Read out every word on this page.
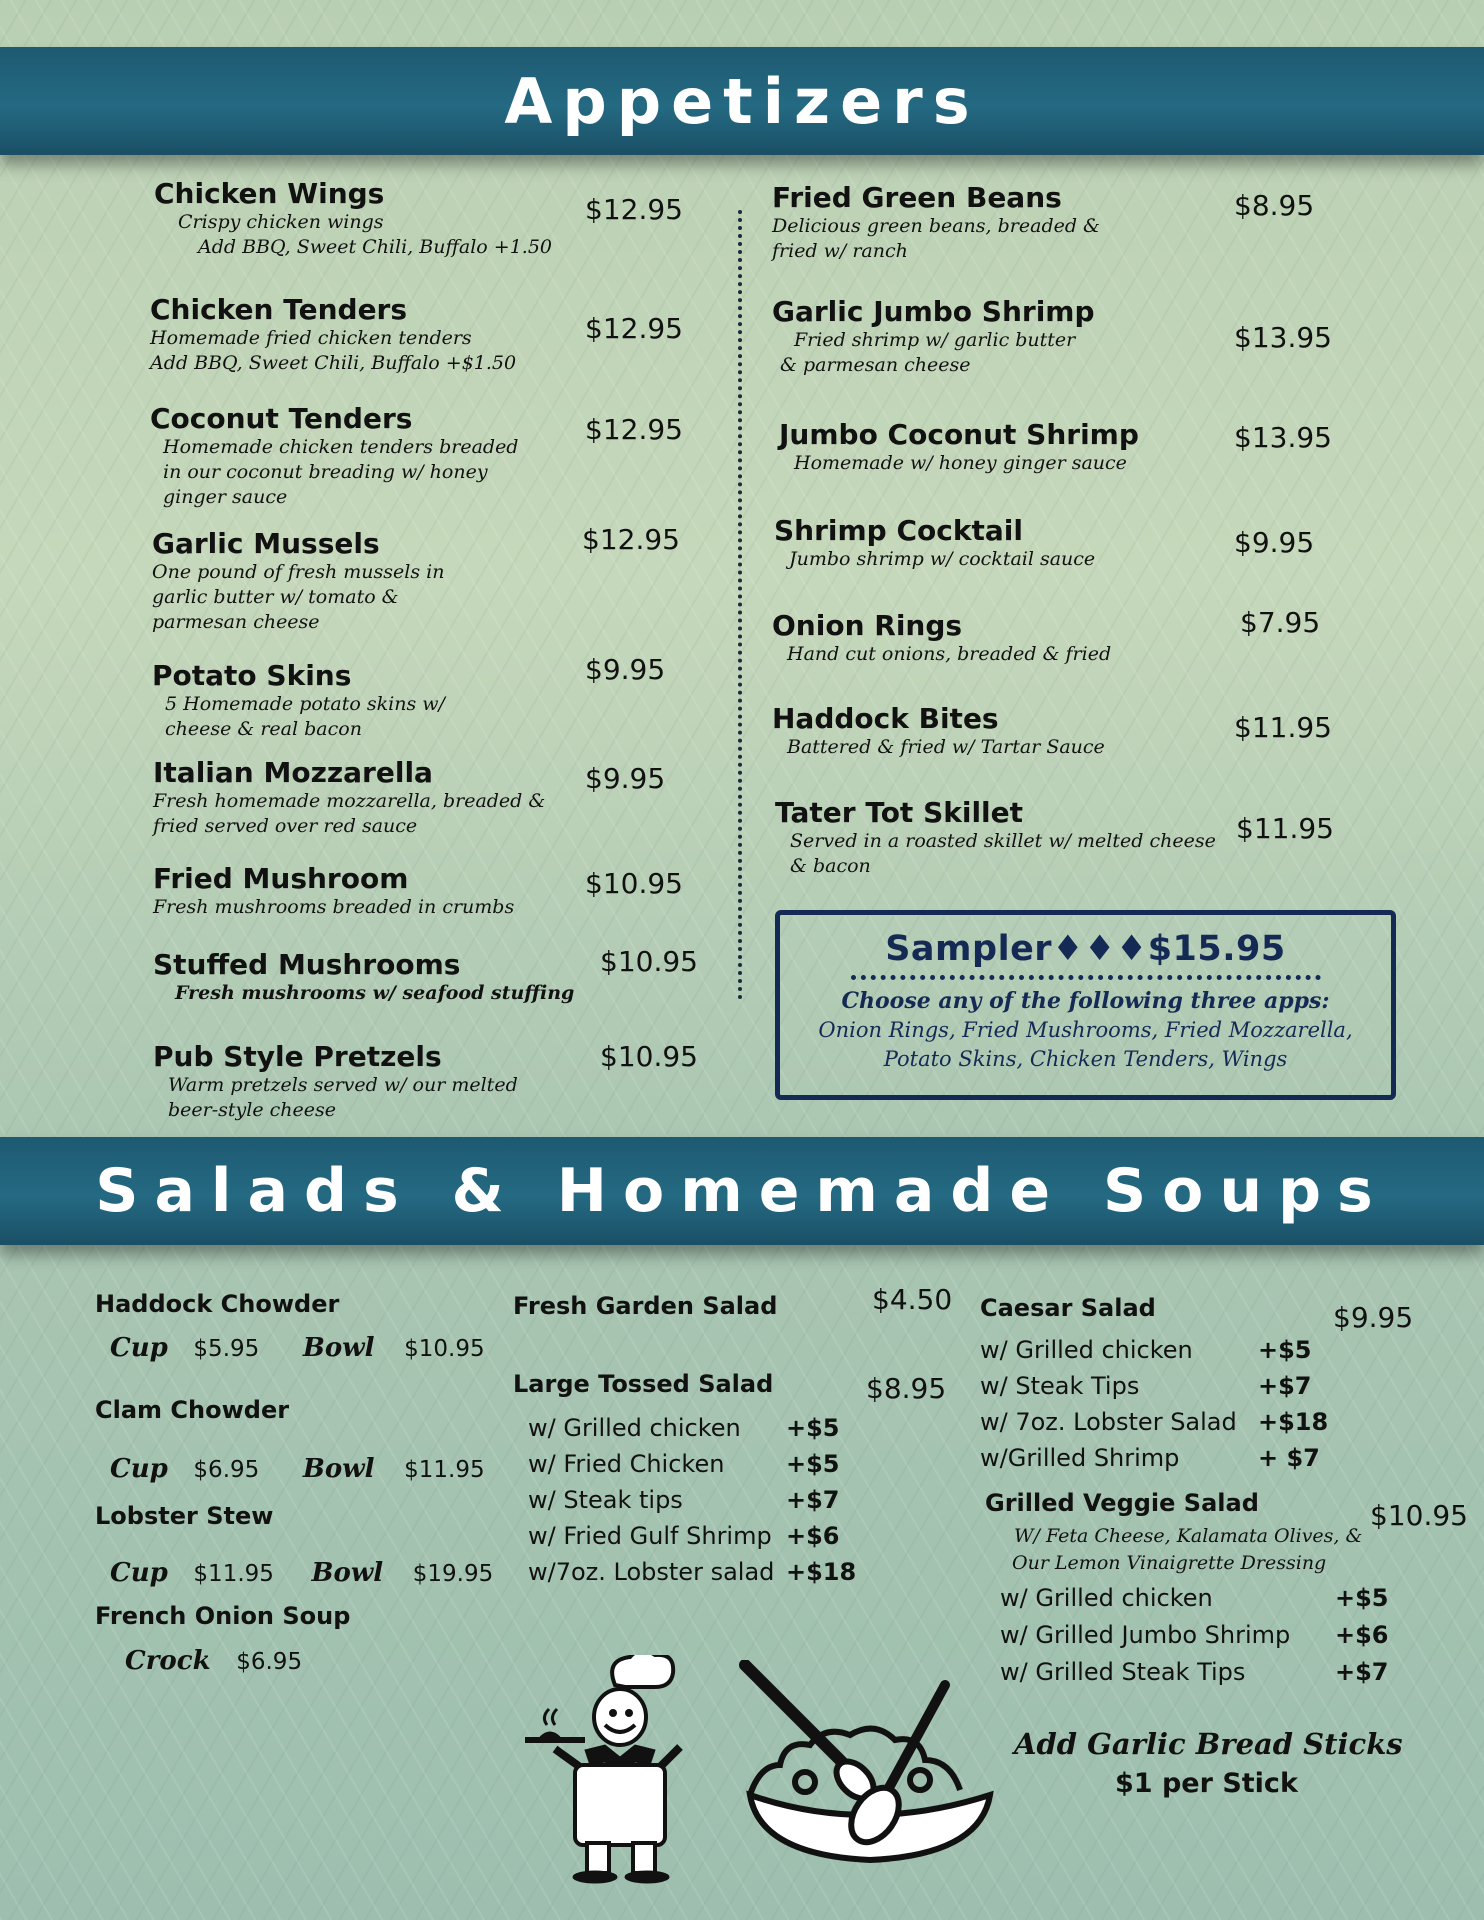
Appetizers
Chicken Wings
Crispy chicken wings
Add BBQ, Sweet Chili, Buffalo +1.50
$12.95
Chicken Tenders
Homemade fried chicken tenders
Add BBQ, Sweet Chili, Buffalo +$1.50
$12.95
Coconut Tenders
Homemade chicken tenders breaded
in our coconut breading w/ honey
ginger sauce
$12.95
Garlic Mussels
One pound of fresh mussels in
garlic butter w/ tomato &
parmesan cheese
$12.95
Potato Skins
5 Homemade potato skins w/
cheese & real bacon
$9.95
Italian Mozzarella
Fresh homemade mozzarella, breaded &
fried served over red sauce
$9.95
Fried Mushroom
Fresh mushrooms breaded in crumbs
$10.95
Stuffed Mushrooms
Fresh mushrooms w/ seafood stuffing
$10.95
Pub Style Pretzels
Warm pretzels served w/ our melted
beer-style cheese
$10.95
Fried Green Beans
Delicious green beans, breaded &
fried w/ ranch
$8.95
Garlic Jumbo Shrimp
Fried shrimp w/ garlic butter
& parmesan cheese
$13.95
Jumbo Coconut Shrimp
Homemade w/ honey ginger sauce
$13.95
Shrimp Cocktail
Jumbo shrimp w/ cocktail sauce	$9.95
Onion Rings
Hand cut onions, breaded & fried
$7.95
Haddock Bites
Battered & fried w/ Tartar Sauce
$11.95
Tater Tot Skillet
Served in a roasted skillet w/ melted cheese
& bacon
$11.95
Sampler♦♦♦$15.95
Choose any of the following three apps:
Onion Rings, Fried Mushrooms, Fried Mozzarella,
Potato Skins, Chicken Tenders, Wings
Salads & Homemade Soups
Haddock Chowder
Cup $5.95 Bowl $10.95
Clam Chowder
Cup $6.95 Bowl $11.95
Lobster Stew
Cup $11.95 Bowl $19.95
French Onion Soup
Crock $6.95
Fresh Garden Salad	$4.50
Large Tossed Salad	$8.95
w/ Grilled chicken +$5
w/ Fried Chicken	+$5
w/ Steak tips	+$7
w/ Fried Gulf Shrimp +$6
w/7oz. Lobster salad +$18
Caesar Salad	$9.95
w/ Grilled chicken	+$5
w/ Steak Tips	+$7
w/ 7oz. Lobster Salad +$18
w/Grilled Shrimp	+ $7
Grilled Veggie Salad	$10.95
W/ Feta Cheese, Kalamata Olives, &
Our Lemon Vinaigrette Dressing
w/ Grilled chicken	+$5
w/ Grilled Jumbo Shrimp +$6
w/ Grilled Steak Tips	+$7
Add Garlic Bread Sticks
$1 per Stick
